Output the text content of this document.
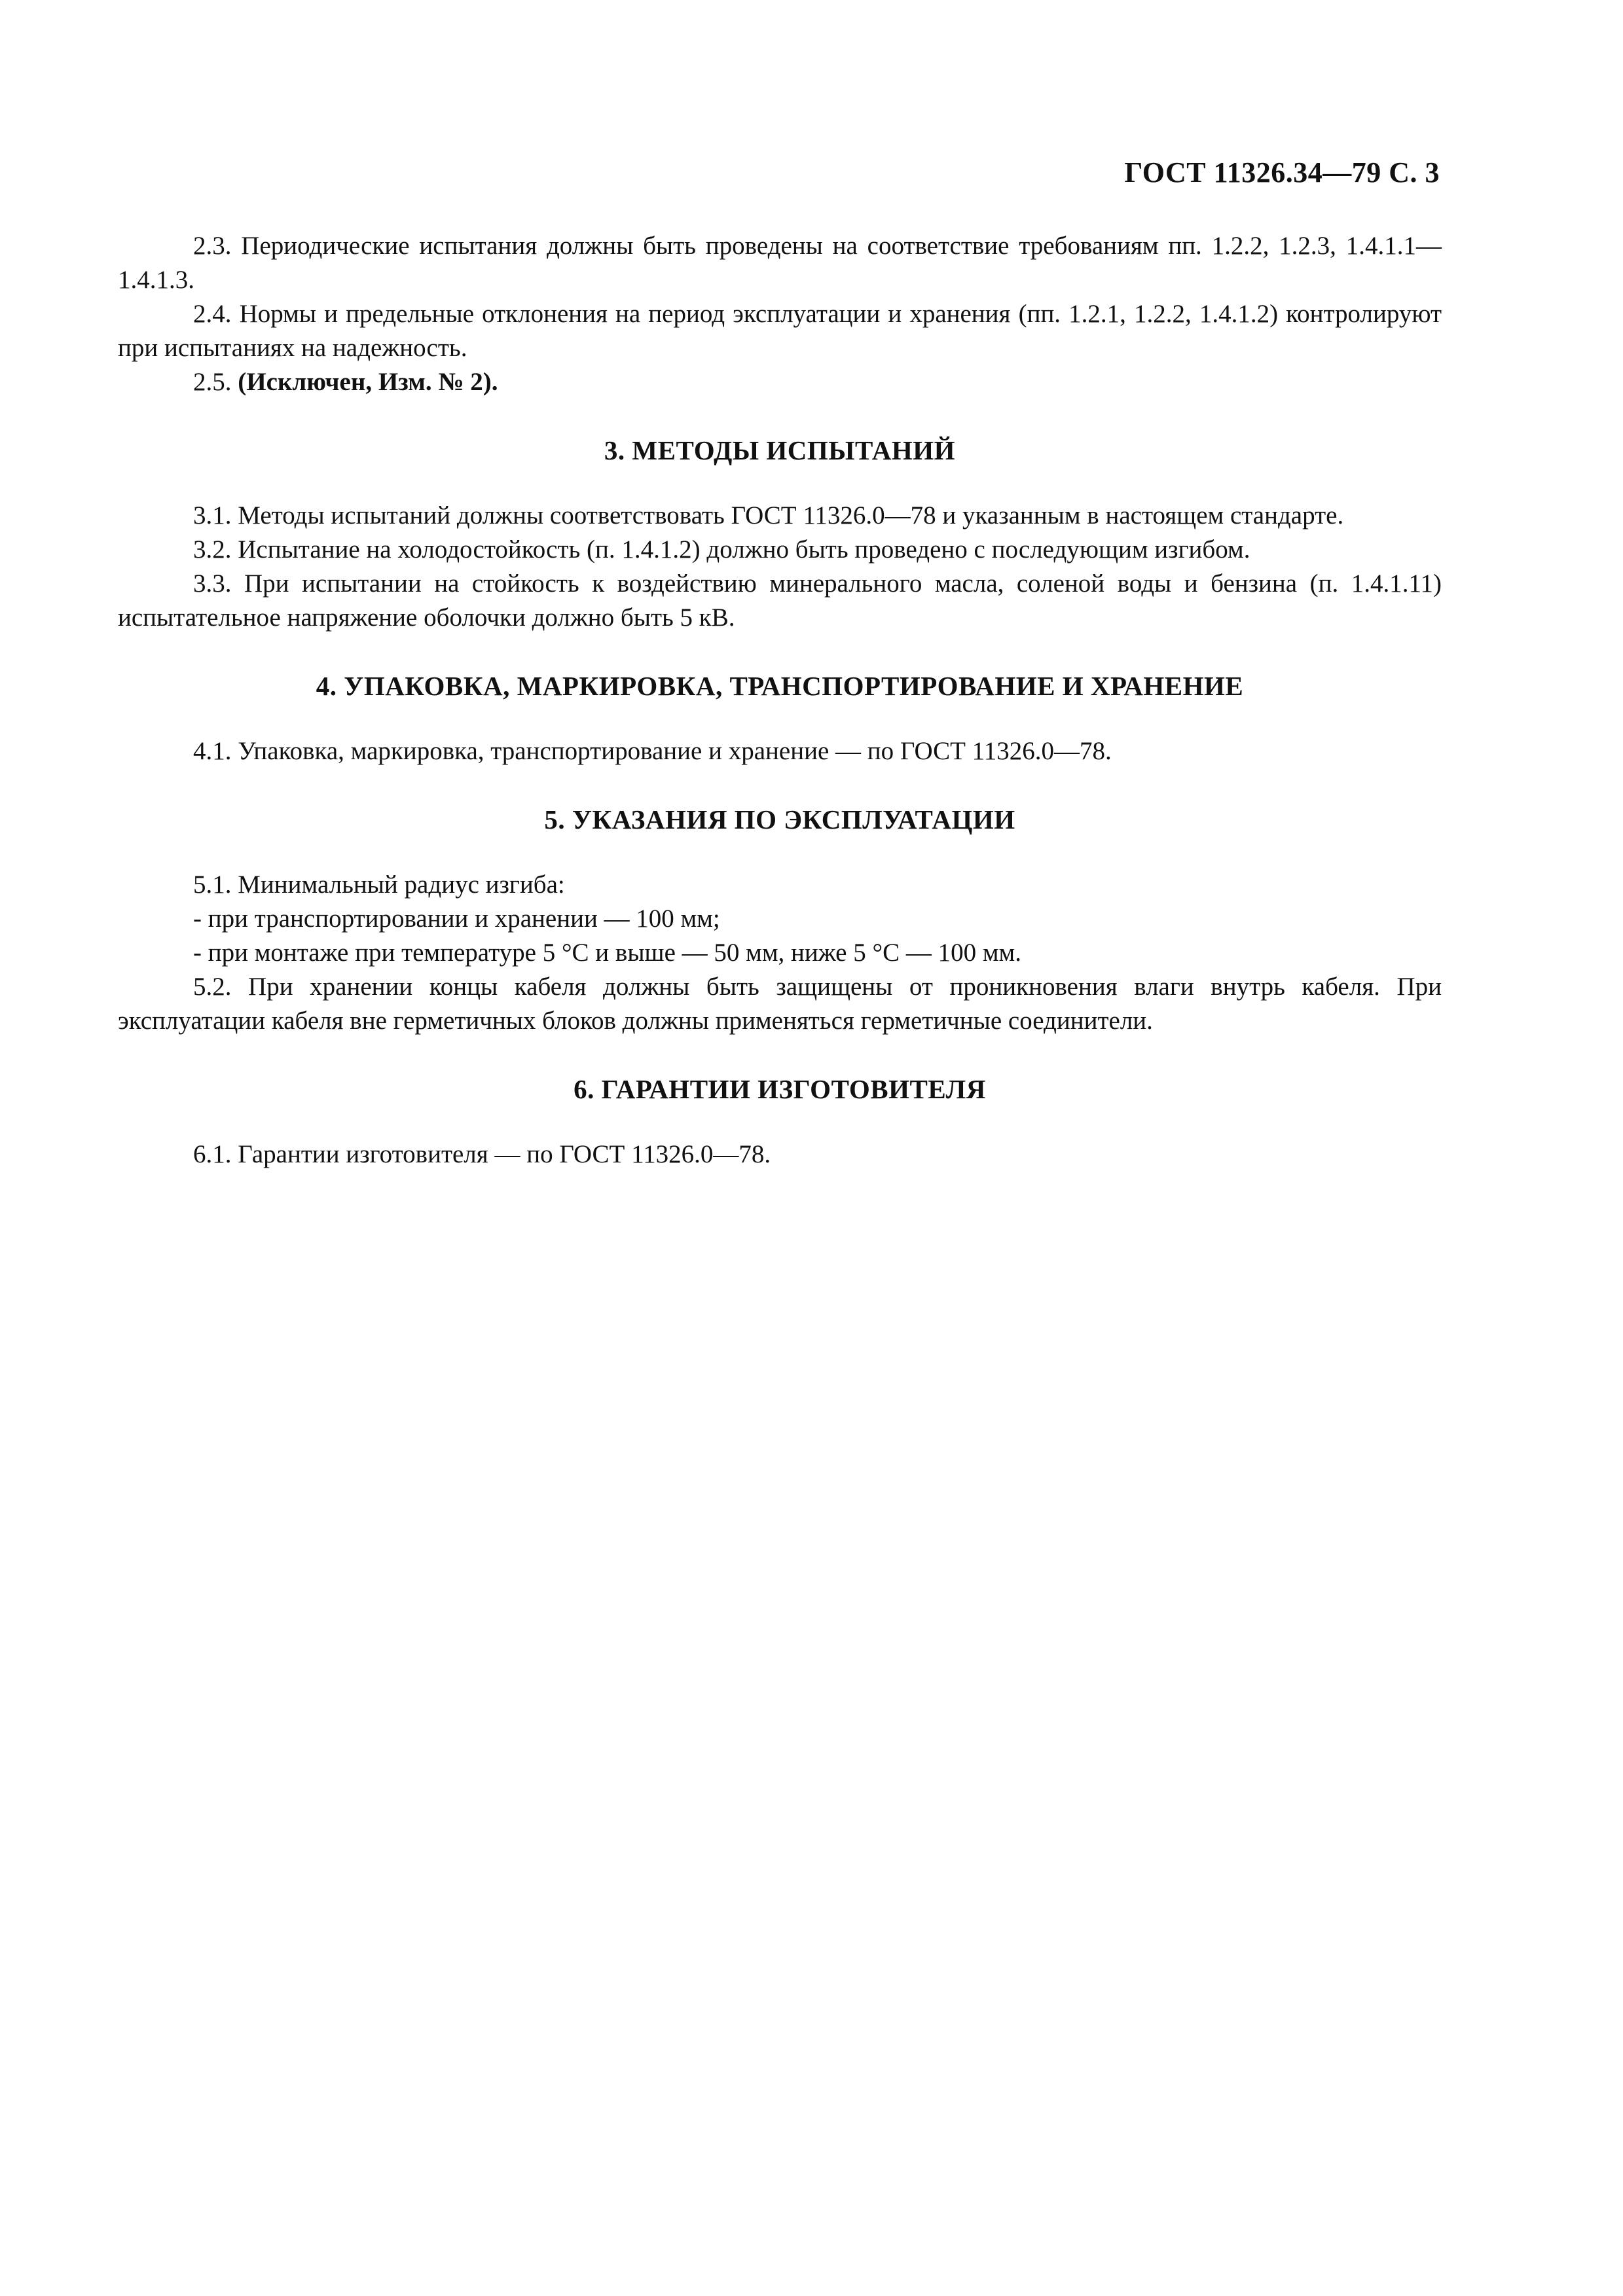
ГОСТ 11326.34—79 С. 3

2.3. Периодические испытания должны быть проведены на соответствие требованиям пп. 1.2.2, 1.2.3, 1.4.1.1—1.4.1.3.

2.4. Нормы и предельные отклонения на период эксплуатации и хранения (пп. 1.2.1, 1.2.2, 1.4.1.2) контролируют при испытаниях на надежность.

2.5. (Исключен, Изм. № 2).

3. МЕТОДЫ ИСПЫТАНИЙ

3.1. Методы испытаний должны соответствовать ГОСТ 11326.0—78 и указанным в настоящем стандарте.

3.2. Испытание на холодостойкость (п. 1.4.1.2) должно быть проведено с последующим изгибом.

3.3. При испытании на стойкость к воздействию минерального масла, соленой воды и бензина (п. 1.4.1.11) испытательное напряжение оболочки должно быть 5 кВ.

4. УПАКОВКА, МАРКИРОВКА, ТРАНСПОРТИРОВАНИЕ И ХРАНЕНИЕ

4.1. Упаковка, маркировка, транспортирование и хранение — по ГОСТ 11326.0—78.

5. УКАЗАНИЯ ПО ЭКСПЛУАТАЦИИ

5.1. Минимальный радиус изгиба:

- при транспортировании и хранении — 100 мм;

- при монтаже при температуре 5 °С и выше — 50 мм, ниже 5 °С — 100 мм.

5.2. При хранении концы кабеля должны быть защищены от проникновения влаги внутрь кабеля. При эксплуатации кабеля вне герметичных блоков должны применяться герметичные соединители.

6. ГАРАНТИИ ИЗГОТОВИТЕЛЯ

6.1. Гарантии изготовителя — по ГОСТ 11326.0—78.
